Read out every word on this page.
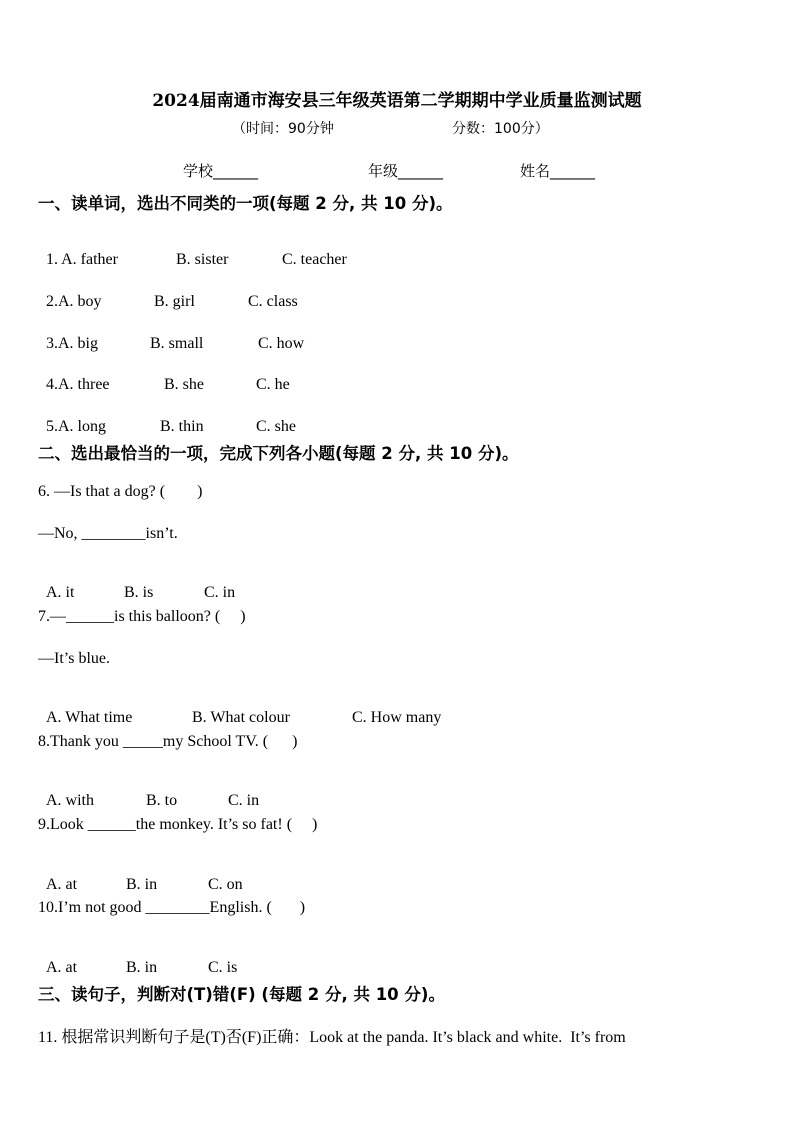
2024届南通市海安县三年级英语第二学期期中学业质量监测试题
（时间：90分钟	分数：100分）
学校______	年级______	姓名______
一、读单词，选出不同类的一项(每题 2 分, 共 10 分)。

1. A. father	B. sister	C. teacher

2.A. boy	B. girl	C. class

3.A. big	B. small	C. how

4.A. three	B. she	C. he

5.A. long	B. thin	C. she

二、选出最恰当的一项，完成下列各小题(每题 2 分, 共 10 分)。
6. —Is that a dog? (        )
—No, ________isn’t.

A. it	B. is	C. in

7.—______is this balloon? (     )
—It’s blue.

A. What time	B. What colour	C. How many

8.Thank you _____my School TV. (      )

A. with	B. to	C. in

9.Look ______the monkey. It’s so fat! (     )

A. at	B. in	C. on

10.I’m not good ________English. (       )

A. at	B. in	C. is

三、读句子，判断对(T)错(F) (每题 2 分, 共 10 分)。
11. 根据常识判断句子是(T)否(F)正确：Look at the panda. It’s black and white.  It’s from
